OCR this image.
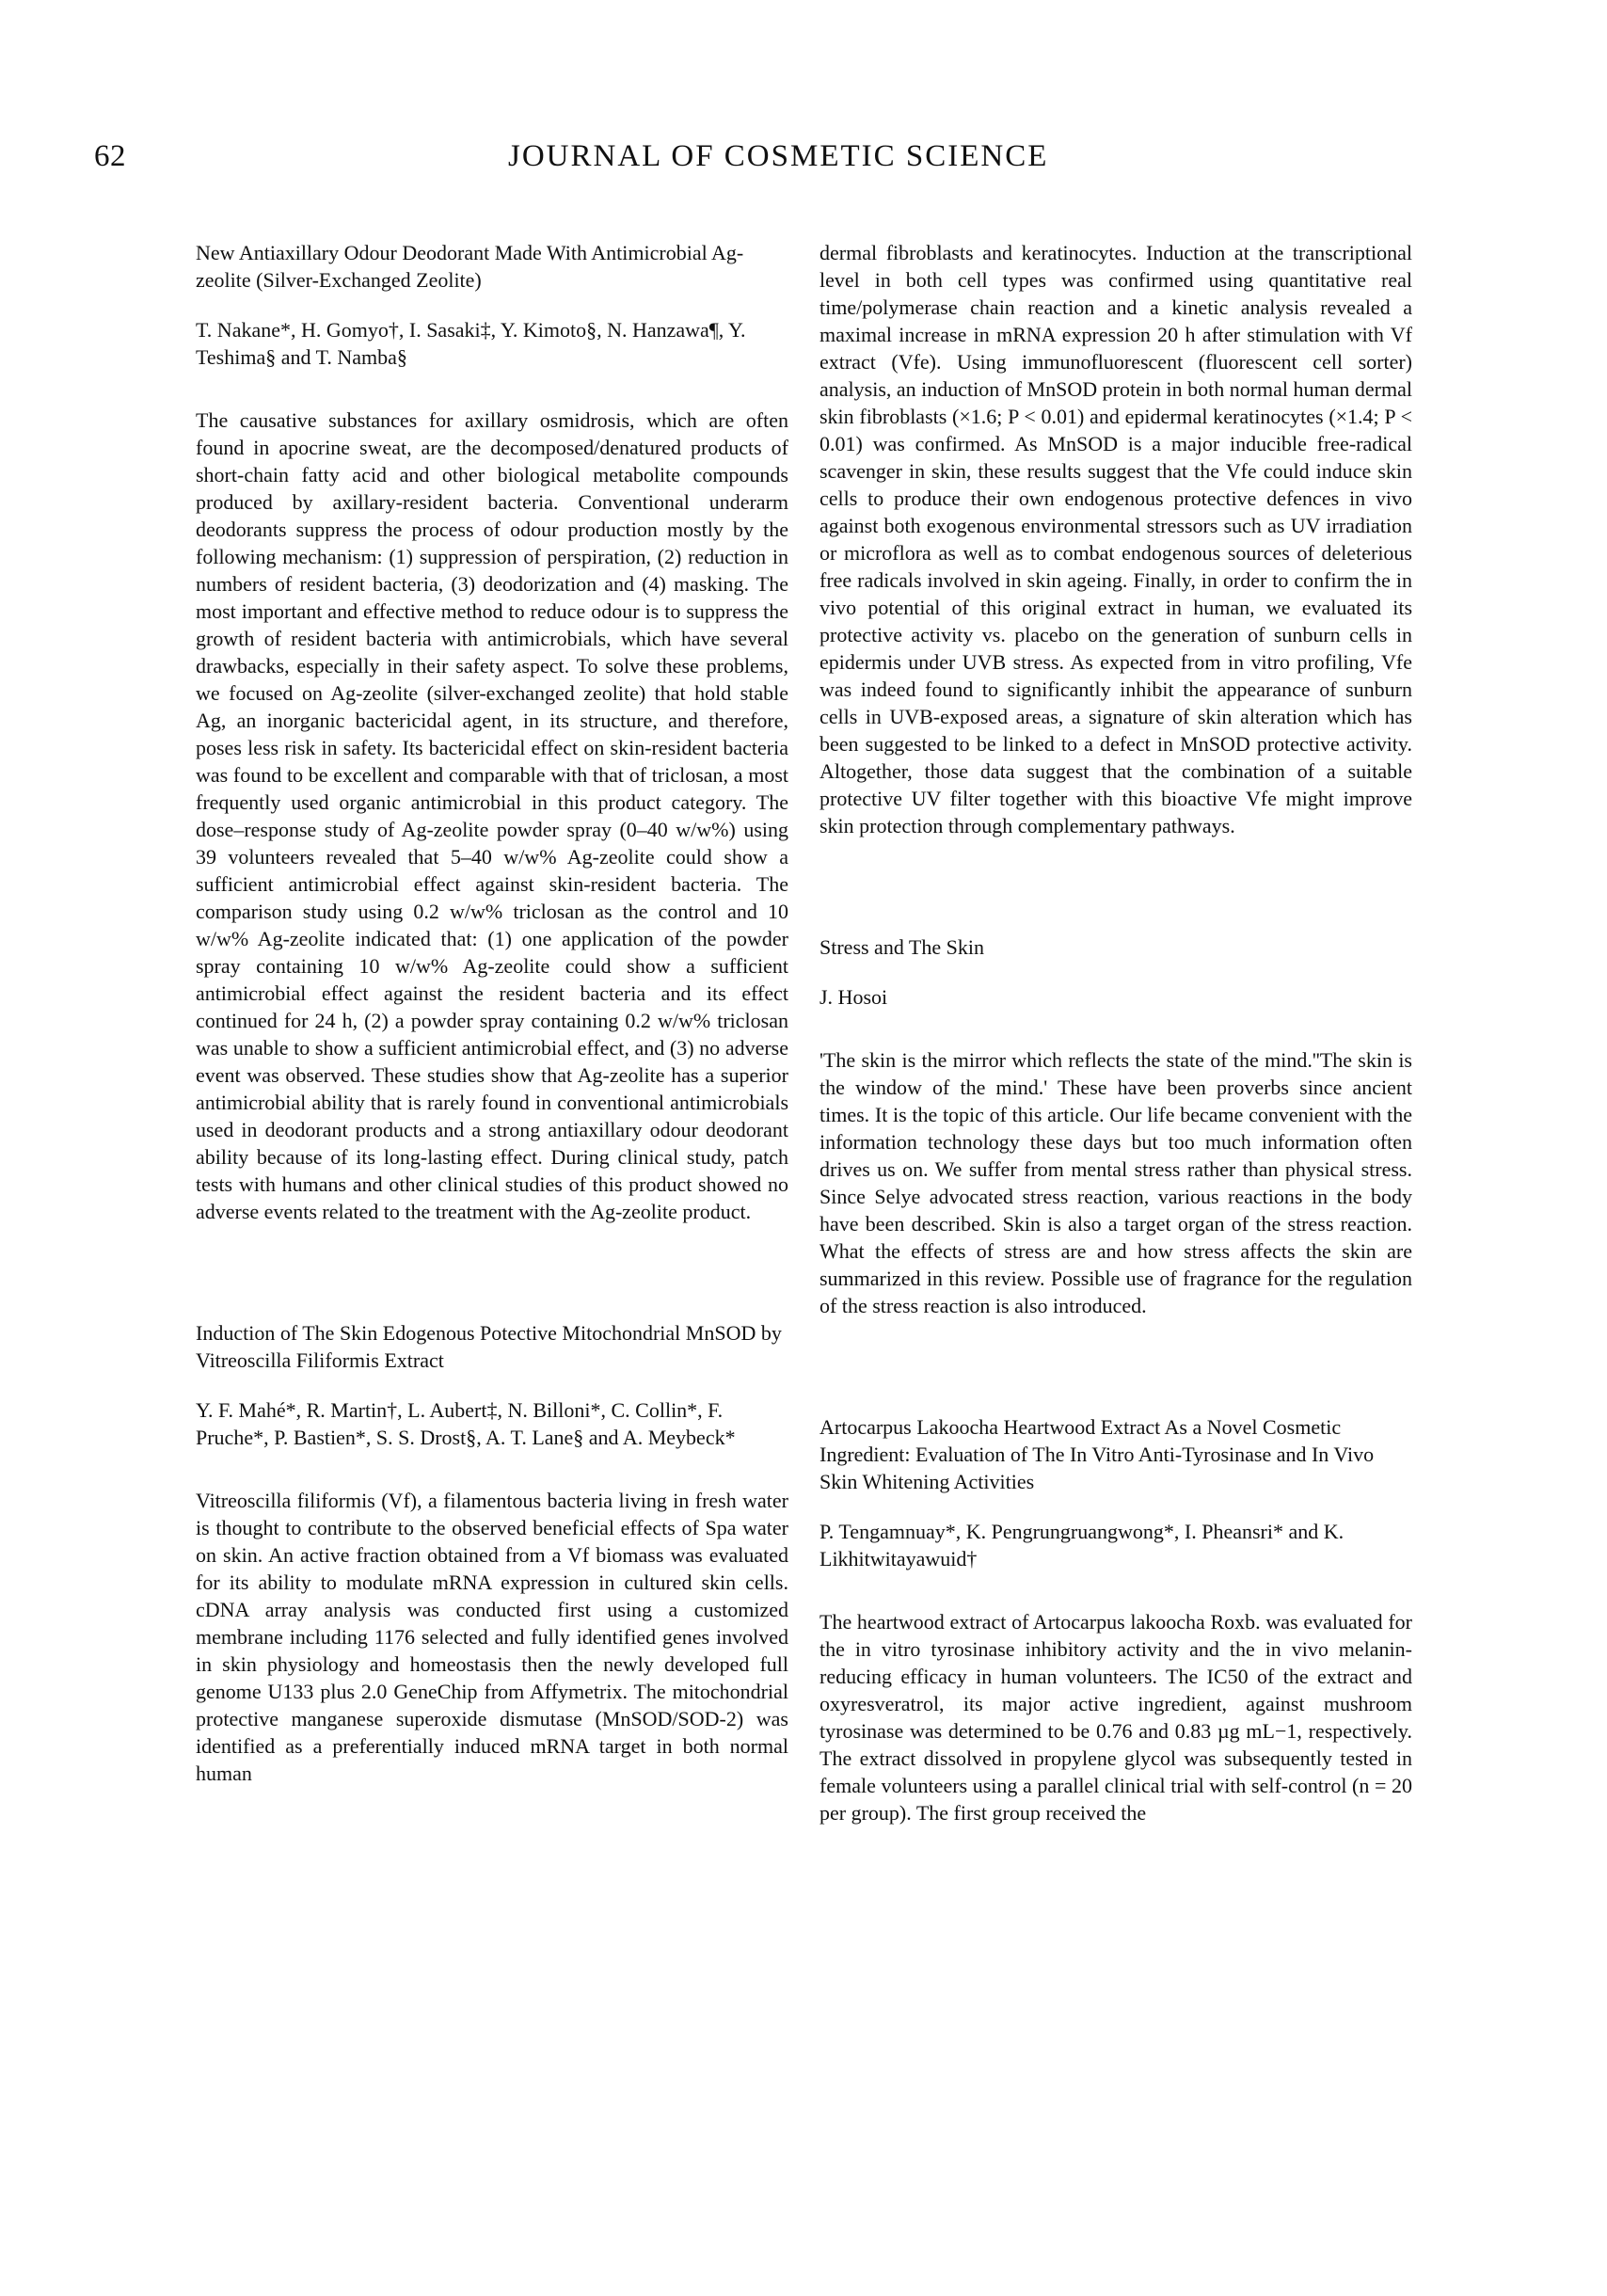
62	JOURNAL OF COSMETIC SCIENCE

New Antiaxillary Odour Deodorant Made With Antimicrobial Ag-zeolite (Silver-Exchanged Zeolite)

T. Nakane*, H. Gomyo†, I. Sasaki‡, Y. Kimoto§, N. Hanzawa¶, Y. Teshima§ and T. Namba§

The causative substances for axillary osmidrosis, which are often found in apocrine sweat, are the decomposed/denatured products of short-chain fatty acid and other biological metabolite compounds produced by axillary-resident bacteria. Conventional underarm deodorants suppress the process of odour production mostly by the following mechanism: (1) suppression of perspiration, (2) reduction in numbers of resident bacteria, (3) deodorization and (4) masking. The most important and effective method to reduce odour is to suppress the growth of resident bacteria with antimicrobials, which have several drawbacks, especially in their safety aspect. To solve these problems, we focused on Ag-zeolite (silver-exchanged zeolite) that hold stable Ag, an inorganic bactericidal agent, in its structure, and therefore, poses less risk in safety. Its bactericidal effect on skin-resident bacteria was found to be excellent and comparable with that of triclosan, a most frequently used organic antimicrobial in this product category. The dose–response study of Ag-zeolite powder spray (0–40 w/w%) using 39 volunteers revealed that 5–40 w/w% Ag-zeolite could show a sufficient antimicrobial effect against skin-resident bacteria. The comparison study using 0.2 w/w% triclosan as the control and 10 w/w% Ag-zeolite indicated that: (1) one application of the powder spray containing 10 w/w% Ag-zeolite could show a sufficient antimicrobial effect against the resident bacteria and its effect continued for 24 h, (2) a powder spray containing 0.2 w/w% triclosan was unable to show a sufficient antimicrobial effect, and (3) no adverse event was observed. These studies show that Ag-zeolite has a superior antimicrobial ability that is rarely found in conventional antimicrobials used in deodorant products and a strong antiaxillary odour deodorant ability because of its long-lasting effect. During clinical study, patch tests with humans and other clinical studies of this product showed no adverse events related to the treatment with the Ag-zeolite product.

Induction of The Skin Edogenous Potective Mitochondrial MnSOD by Vitreoscilla Filiformis Extract

Y. F. Mahé*, R. Martin†, L. Aubert‡, N. Billoni*, C. Collin*, F. Pruche*, P. Bastien*, S. S. Drost§, A. T. Lane§ and A. Meybeck*

Vitreoscilla filiformis (Vf), a filamentous bacteria living in fresh water is thought to contribute to the observed beneficial effects of Spa water on skin. An active fraction obtained from a Vf biomass was evaluated for its ability to modulate mRNA expression in cultured skin cells. cDNA array analysis was conducted first using a customized membrane including 1176 selected and fully identified genes involved in skin physiology and homeostasis then the newly developed full genome U133 plus 2.0 GeneChip from Affymetrix. The mitochondrial protective manganese superoxide dismutase (MnSOD/SOD-2) was identified as a preferentially induced mRNA target in both normal human

dermal fibroblasts and keratinocytes. Induction at the transcriptional level in both cell types was confirmed using quantitative real time/polymerase chain reaction and a kinetic analysis revealed a maximal increase in mRNA expression 20 h after stimulation with Vf extract (Vfe). Using immunofluorescent (fluorescent cell sorter) analysis, an induction of MnSOD protein in both normal human dermal skin fibroblasts (×1.6; P < 0.01) and epidermal keratinocytes (×1.4; P < 0.01) was confirmed. As MnSOD is a major inducible free-radical scavenger in skin, these results suggest that the Vfe could induce skin cells to produce their own endogenous protective defences in vivo against both exogenous environmental stressors such as UV irradiation or microflora as well as to combat endogenous sources of deleterious free radicals involved in skin ageing. Finally, in order to confirm the in vivo potential of this original extract in human, we evaluated its protective activity vs. placebo on the generation of sunburn cells in epidermis under UVB stress. As expected from in vitro profiling, Vfe was indeed found to significantly inhibit the appearance of sunburn cells in UVB-exposed areas, a signature of skin alteration which has been suggested to be linked to a defect in MnSOD protective activity. Altogether, those data suggest that the combination of a suitable protective UV filter together with this bioactive Vfe might improve skin protection through complementary pathways.

Stress and The Skin

J. Hosoi

'The skin is the mirror which reflects the state of the mind.''The skin is the window of the mind.' These have been proverbs since ancient times. It is the topic of this article. Our life became convenient with the information technology these days but too much information often drives us on. We suffer from mental stress rather than physical stress. Since Selye advocated stress reaction, various reactions in the body have been described. Skin is also a target organ of the stress reaction. What the effects of stress are and how stress affects the skin are summarized in this review. Possible use of fragrance for the regulation of the stress reaction is also introduced.

Artocarpus Lakoocha Heartwood Extract As a Novel Cosmetic Ingredient: Evaluation of The In Vitro Anti-Tyrosinase and In Vivo Skin Whitening Activities

P. Tengamnuay*, K. Pengrungruangwong*, I. Pheansri* and K. Likhitwitayawuid†

The heartwood extract of Artocarpus lakoocha Roxb. was evaluated for the in vitro tyrosinase inhibitory activity and the in vivo melanin-reducing efficacy in human volunteers. The IC50 of the extract and oxyresveratrol, its major active ingredient, against mushroom tyrosinase was determined to be 0.76 and 0.83 µg mL−1, respectively. The extract dissolved in propylene glycol was subsequently tested in female volunteers using a parallel clinical trial with self-control (n = 20 per group). The first group received the
